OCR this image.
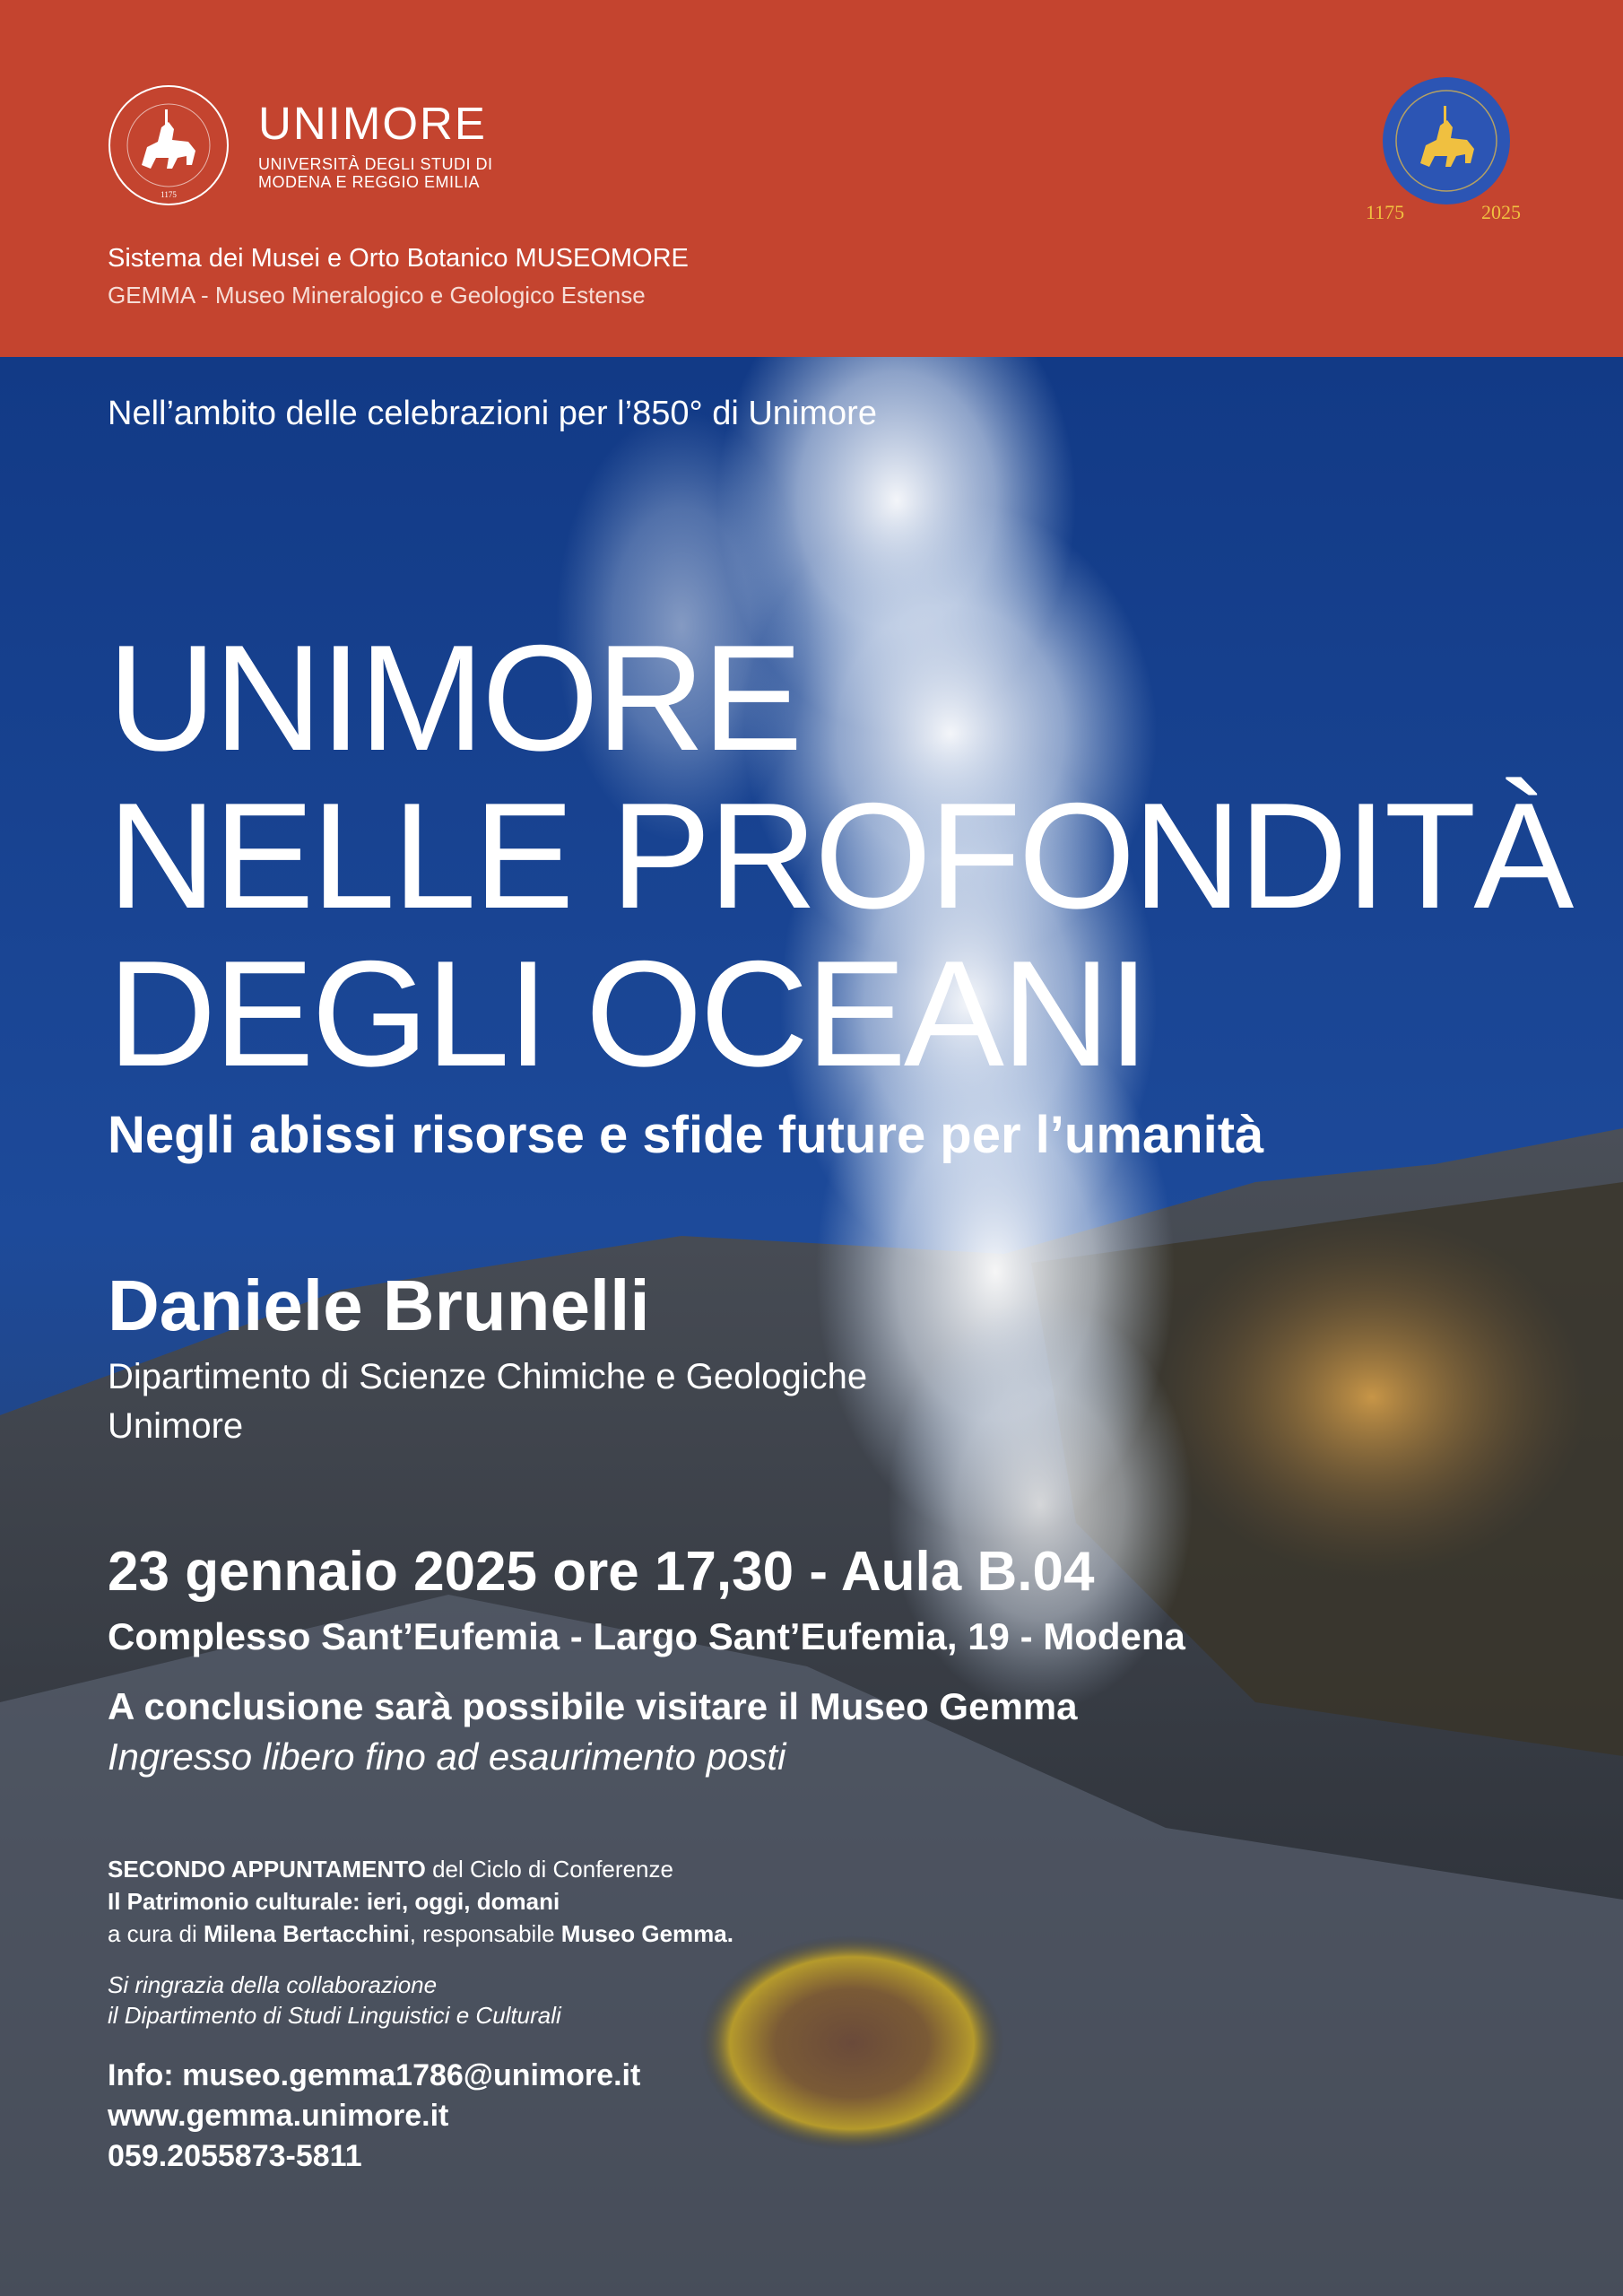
1175
UNIMORE
UNIVERSITÀ DEGLI STUDI DI
MODENA E REGGIO EMILIA
Sistema dei Musei e Orto Botanico MUSEOMORE
GEMMA - Museo Mineralogico e Geologico Estense
1175	2025
Nell’ambito delle celebrazioni per l’850° di Unimore
UNIMORE
NELLE PROFONDITÀ
DEGLI OCEANI
Negli abissi risorse e sfide future per l’umanità
Daniele Brunelli
Dipartimento di Scienze Chimiche e Geologiche
Unimore
23 gennaio 2025 ore 17,30 - Aula B.04
Complesso Sant’Eufemia - Largo Sant’Eufemia, 19 - Modena
A conclusione sarà possibile visitare il Museo Gemma
Ingresso libero fino ad esaurimento posti
SECONDO APPUNTAMENTO del Ciclo di Conferenze
Il Patrimonio culturale: ieri, oggi, domani
a cura di Milena Bertacchini, responsabile Museo Gemma.
Si ringrazia della collaborazione
il Dipartimento di Studi Linguistici e Culturali
Info: museo.gemma1786@unimore.it
www.gemma.unimore.it
059.2055873-5811
